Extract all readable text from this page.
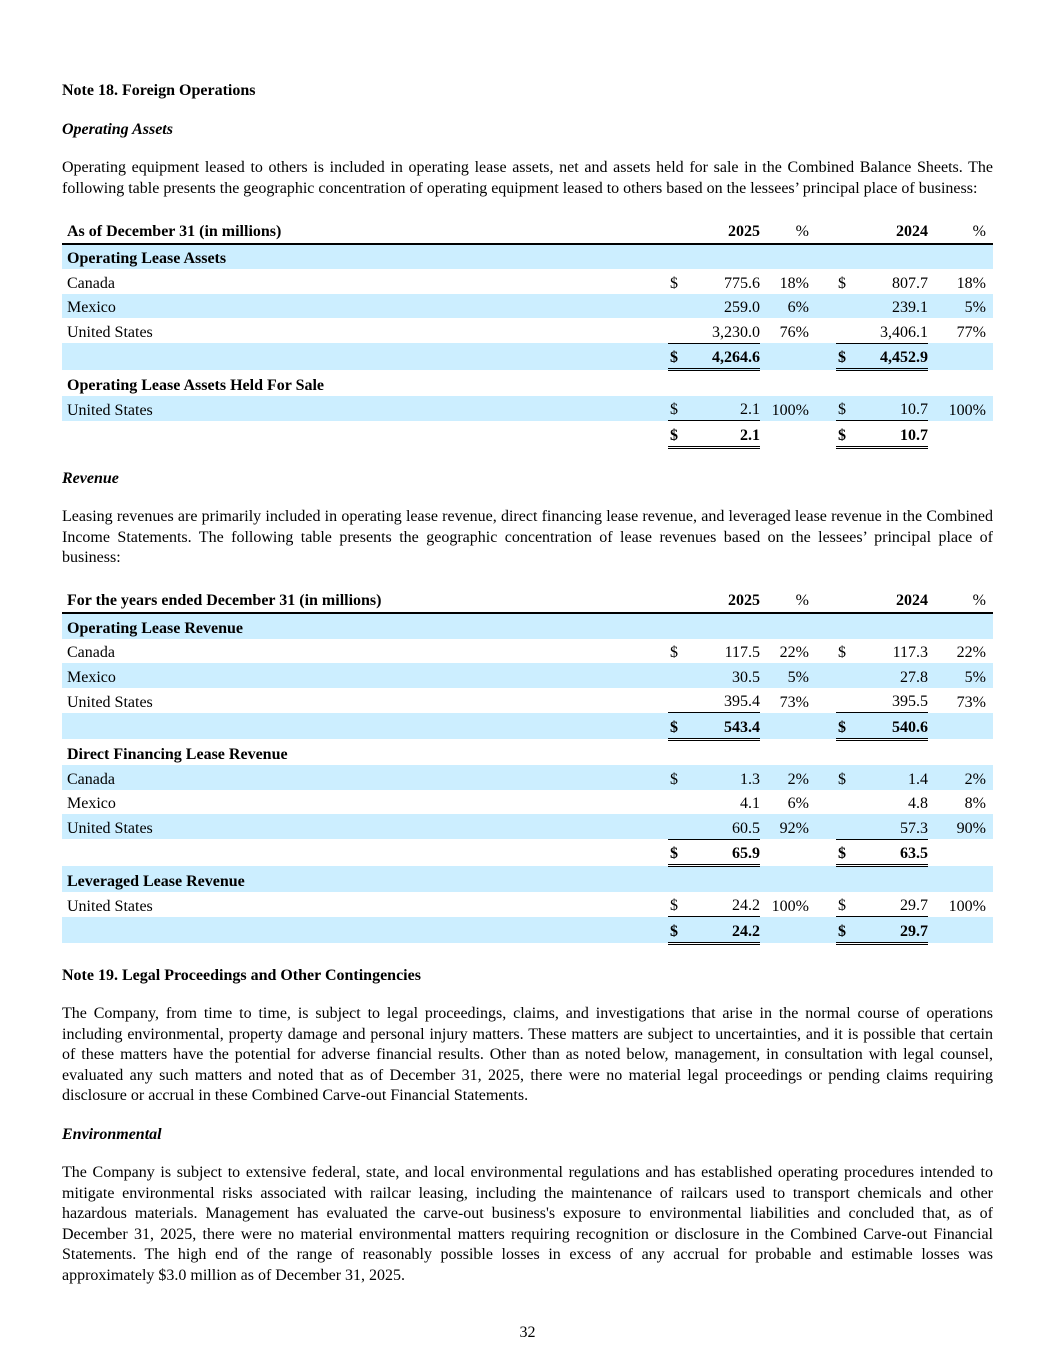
Note 18. Foreign Operations

Operating Assets

Operating equipment leased to others is included in operating lease assets, net and assets held for sale in the Combined Balance Sheets. The following table presents the geographic concentration of operating equipment leased to others based on the lessees’ principal place of business:

As of December 31 (in millions)		2025	%			2024	%
Operating Lease Assets							
Canada	$	775.6	18%		$	807.7	18%
Mexico		259.0	6%			239.1	5%
United States		3,230.0	76%			3,406.1	77%
	$	4,264.6			$	4,452.9	
Operating Lease Assets Held For Sale							
United States	$	2.1	100%		$	10.7	100%
	$	2.1			$	10.7	

Revenue

Leasing revenues are primarily included in operating lease revenue, direct financing lease revenue, and leveraged lease revenue in the Combined Income Statements. The following table presents the geographic concentration of lease revenues based on the lessees’ principal place of business:

For the years ended December 31 (in millions)		2025	%			2024	%
Operating Lease Revenue							
Canada	$	117.5	22%		$	117.3	22%
Mexico		30.5	5%			27.8	5%
United States		395.4	73%			395.5	73%
	$	543.4			$	540.6	
Direct Financing Lease Revenue							
Canada	$	1.3	2%		$	1.4	2%
Mexico		4.1	6%			4.8	8%
United States		60.5	92%			57.3	90%
	$	65.9			$	63.5	
Leveraged Lease Revenue							
United States	$	24.2	100%		$	29.7	100%
	$	24.2			$	29.7	

Note 19. Legal Proceedings and Other Contingencies

The Company, from time to time, is subject to legal proceedings, claims, and investigations that arise in the normal course of operations including environmental, property damage and personal injury matters. These matters are subject to uncertainties, and it is possible that certain of these matters have the potential for adverse financial results. Other than as noted below, management, in consultation with legal counsel, evaluated any such matters and noted that as of December 31, 2025, there were no material legal proceedings or pending claims requiring disclosure or accrual in these Combined Carve-out Financial Statements.

Environmental

The Company is subject to extensive federal, state, and local environmental regulations and has established operating procedures intended to mitigate environmental risks associated with railcar leasing, including the maintenance of railcars used to transport chemicals and other hazardous materials. Management has evaluated the carve-out business's exposure to environmental liabilities and concluded that, as of December 31, 2025, there were no material environmental matters requiring recognition or disclosure in the Combined Carve-out Financial Statements. The high end of the range of reasonably possible losses in excess of any accrual for probable and estimable losses was approximately $3.0 million as of December 31, 2025.

32
